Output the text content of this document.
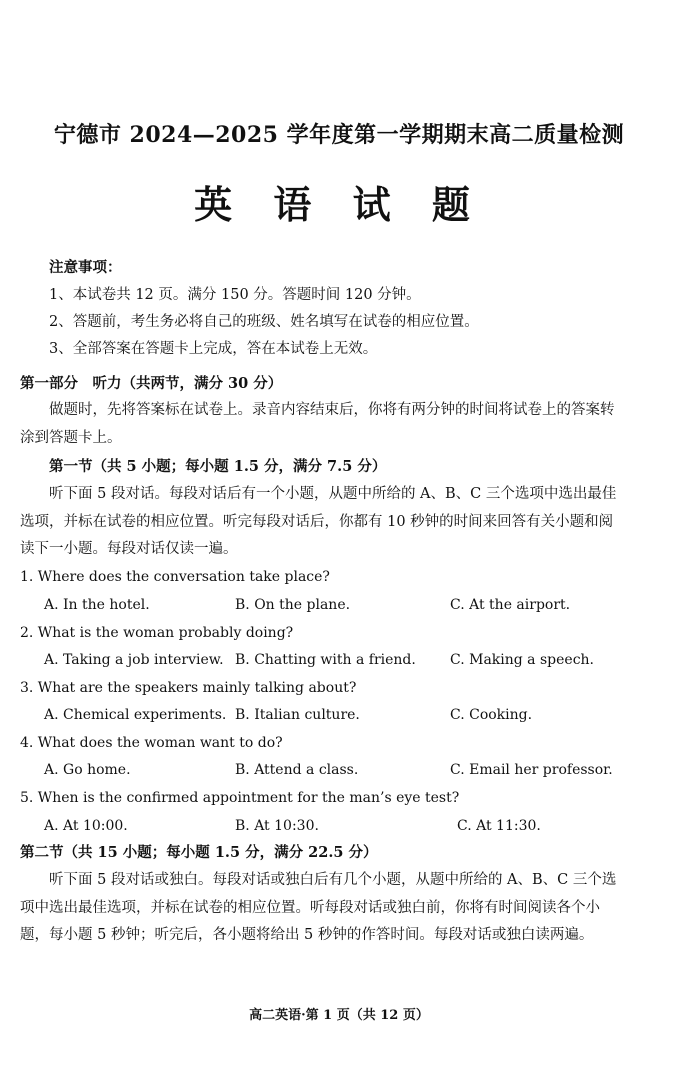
宁德市 2024—2025 学年度第一学期期末高二质量检测
英 语 试 题
注意事项：
1、本试卷共 12 页。满分 150 分。答题时间 120 分钟。
2、答题前，考生务必将自己的班级、姓名填写在试卷的相应位置。
3、全部答案在答题卡上完成，答在本试卷上无效。
第一部分　听力（共两节，满分 30 分）
做题时，先将答案标在试卷上。录音内容结束后，你将有两分钟的时间将试卷上的答案转涂到答题卡上。
第一节（共 5 小题；每小题 1.5 分，满分 7.5 分）
听下面 5 段对话。每段对话后有一个小题，从题中所给的 A、B、C 三个选项中选出最佳选项，并标在试卷的相应位置。听完每段对话后，你都有 10 秒钟的时间来回答有关小题和阅读下一小题。每段对话仅读一遍。
1. Where does the conversation take place?
A. In the hotel.	B. On the plane.	C. At the airport.
2. What is the woman probably doing?
A. Taking a job interview. B. Chatting with a friend. C. Making a speech.
3. What are the speakers mainly talking about?
A. Chemical experiments. B. Italian culture.	C. Cooking.
4. What does the woman want to do?
A. Go home.	B. Attend a class.	C. Email her professor.
5. When is the confirmed appointment for the man’s eye test?
A. At 10:00.	B. At 10:30.	C. At 11:30.
第二节（共 15 小题；每小题 1.5 分，满分 22.5 分）
听下面 5 段对话或独白。每段对话或独白后有几个小题，从题中所给的 A、B、C 三个选项中选出最佳选项，并标在试卷的相应位置。听每段对话或独白前，你将有时间阅读各个小题，每小题 5 秒钟；听完后，各小题将给出 5 秒钟的作答时间。每段对话或独白读两遍。
高二英语·第 1 页（共 12 页）
